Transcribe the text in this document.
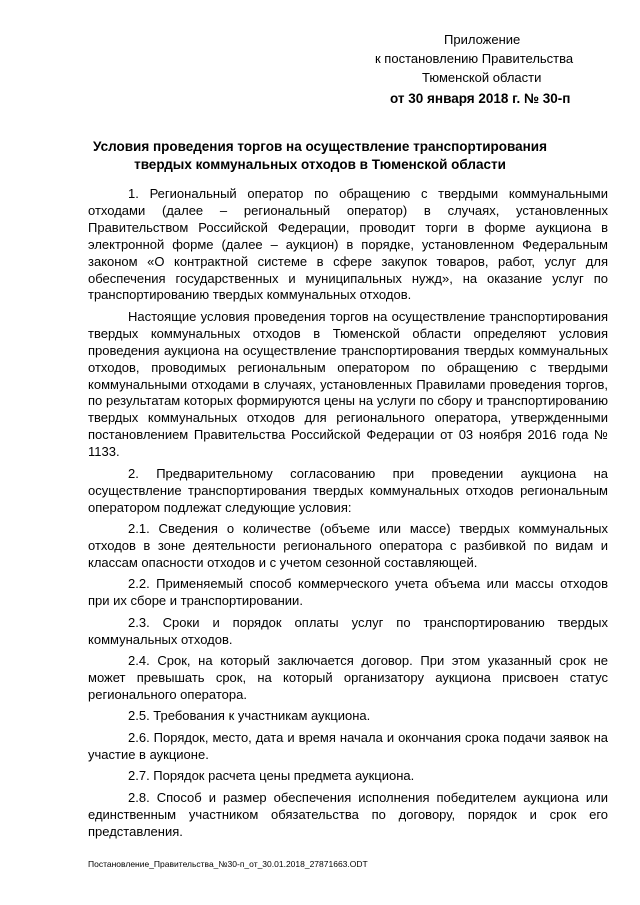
Приложение
к постановлению Правительства
Тюменской области
от 30 января 2018 г. № 30-п
Условия проведения торгов на осуществление транспортирования
твердых коммунальных отходов в Тюменской области

1. Региональный оператор по обращению с твердыми коммунальными отходами (далее – региональный оператор) в случаях, установленных Правительством Российской Федерации, проводит торги в форме аукциона в электронной форме (далее – аукцион) в порядке, установленном Федеральным законом «О контрактной системе в сфере закупок товаров, работ, услуг для обеспечения государственных и муниципальных нужд», на оказание услуг по транспортированию твердых коммунальных отходов.

Настоящие условия проведения торгов на осуществление транспортирования твердых коммунальных отходов в Тюменской области определяют условия проведения аукциона на осуществление транспортирования твердых коммунальных отходов, проводимых региональным оператором по обращению с твердыми коммунальными отходами в случаях, установленных Правилами проведения торгов, по результатам которых формируются цены на услуги по сбору и транспортированию твердых коммунальных отходов для регионального оператора, утвержденными постановлением Правительства Российской Федерации от 03 ноября 2016 года № 1133.

2. Предварительному согласованию при проведении аукциона на осуществление транспортирования твердых коммунальных отходов региональным оператором подлежат следующие условия:

2.1. Сведения о количестве (объеме или массе) твердых коммунальных отходов в зоне деятельности регионального оператора с разбивкой по видам и классам опасности отходов и с учетом сезонной составляющей.

2.2. Применяемый способ коммерческого учета объема или массы отходов при их сборе и транспортировании.

2.3. Сроки и порядок оплаты услуг по транспортированию твердых коммунальных отходов.

2.4. Срок, на который заключается договор. При этом указанный срок не может превышать срок, на который организатору аукциона присвоен статус регионального оператора.

2.5. Требования к участникам аукциона.

2.6. Порядок, место, дата и время начала и окончания срока подачи заявок на участие в аукционе.

2.7. Порядок расчета цены предмета аукциона.

2.8. Способ и размер обеспечения исполнения победителем аукциона или единственным участником обязательства по договору, порядок и срок его представления.

Постановление_Правительства_№30-п_от_30.01.2018_27871663.ODT
